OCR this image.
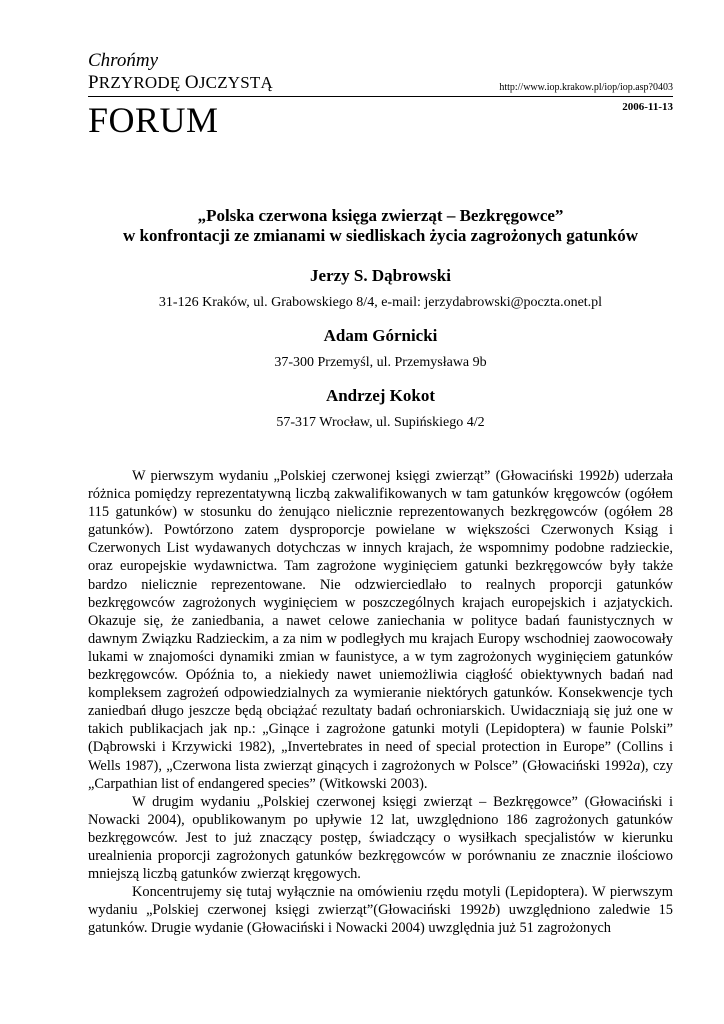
Chrońmy
PRZYRODĘ OJCZYSTĄ	http://www.iop.krakow.pl/iop/iop.asp?0403
FORUM	2006-11-13
„Polska czerwona księga zwierząt – Bezkręgowce”
w konfrontacji ze zmianami w siedliskach życia zagrożonych gatunków
Jerzy S. Dąbrowski
31-126 Kraków, ul. Grabowskiego 8/4, e-mail: jerzydabrowski@poczta.onet.pl
Adam Górnicki
37-300 Przemyśl, ul. Przemysława 9b
Andrzej Kokot
57-317 Wrocław, ul. Supińskiego 4/2

W pierwszym wydaniu „Polskiej czerwonej księgi zwierząt” (Głowaciński 1992b) uderzała różnica pomiędzy reprezentatywną liczbą zakwalifikowanych w tam gatunków kręgowców (ogółem 115 gatunków) w stosunku do żenująco nielicznie reprezentowanych bezkręgowców (ogółem 28 gatunków). Powtórzono zatem dysproporcje powielane w większości Czerwonych Ksiąg i Czerwonych List wydawanych dotychczas w innych krajach, że wspomnimy podobne radzieckie, oraz europejskie wydawnictwa. Tam zagrożone wyginięciem gatunki bezkręgowców były także bardzo nielicznie reprezentowane. Nie odzwierciedlało to realnych proporcji gatunków bezkręgowców zagrożonych wyginięciem w poszczególnych krajach europejskich i azjatyckich. Okazuje się, że zaniedbania, a nawet celowe zaniechania w polityce badań faunistycznych w dawnym Związku Radzieckim, a za nim w podległych mu krajach Europy wschodniej zaowocowały lukami w znajomości dynamiki zmian w faunistyce, a w tym zagrożonych wyginięciem gatunków bezkręgowców. Opóźnia to, a niekiedy nawet uniemożliwia ciągłość obiektywnych badań nad kompleksem zagrożeń odpowiedzialnych za wymieranie niektórych gatunków. Konsekwencje tych zaniedbań długo jeszcze będą obciążać rezultaty badań ochroniarskich. Uwidaczniają się już one w takich publikacjach jak np.: „Ginące i zagrożone gatunki motyli (Lepidoptera) w faunie Polski” (Dąbrowski i Krzywicki 1982), „Invertebrates in need of special protection in Europe” (Collins i Wells 1987), „Czerwona lista zwierząt ginących i zagrożonych w Polsce” (Głowaciński 1992a), czy „Carpathian list of endangered species” (Witkowski 2003).

W drugim wydaniu „Polskiej czerwonej księgi zwierząt – Bezkręgowce” (Głowaciński i Nowacki 2004), opublikowanym po upływie 12 lat, uwzględniono 186 zagrożonych gatunków bezkręgowców. Jest to już znaczący postęp, świadczący o wysiłkach specjalistów w kierunku urealnienia proporcji zagrożonych gatunków bezkręgowców w porównaniu ze znacznie ilościowo mniejszą liczbą gatunków zwierząt kręgowych.

Koncentrujemy się tutaj wyłącznie na omówieniu rzędu motyli (Lepidoptera). W pierwszym wydaniu „Polskiej czerwonej księgi zwierząt”(Głowaciński 1992b) uwzględniono zaledwie 15 gatunków. Drugie wydanie (Głowaciński i Nowacki 2004) uwzględnia już 51 zagrożonych
